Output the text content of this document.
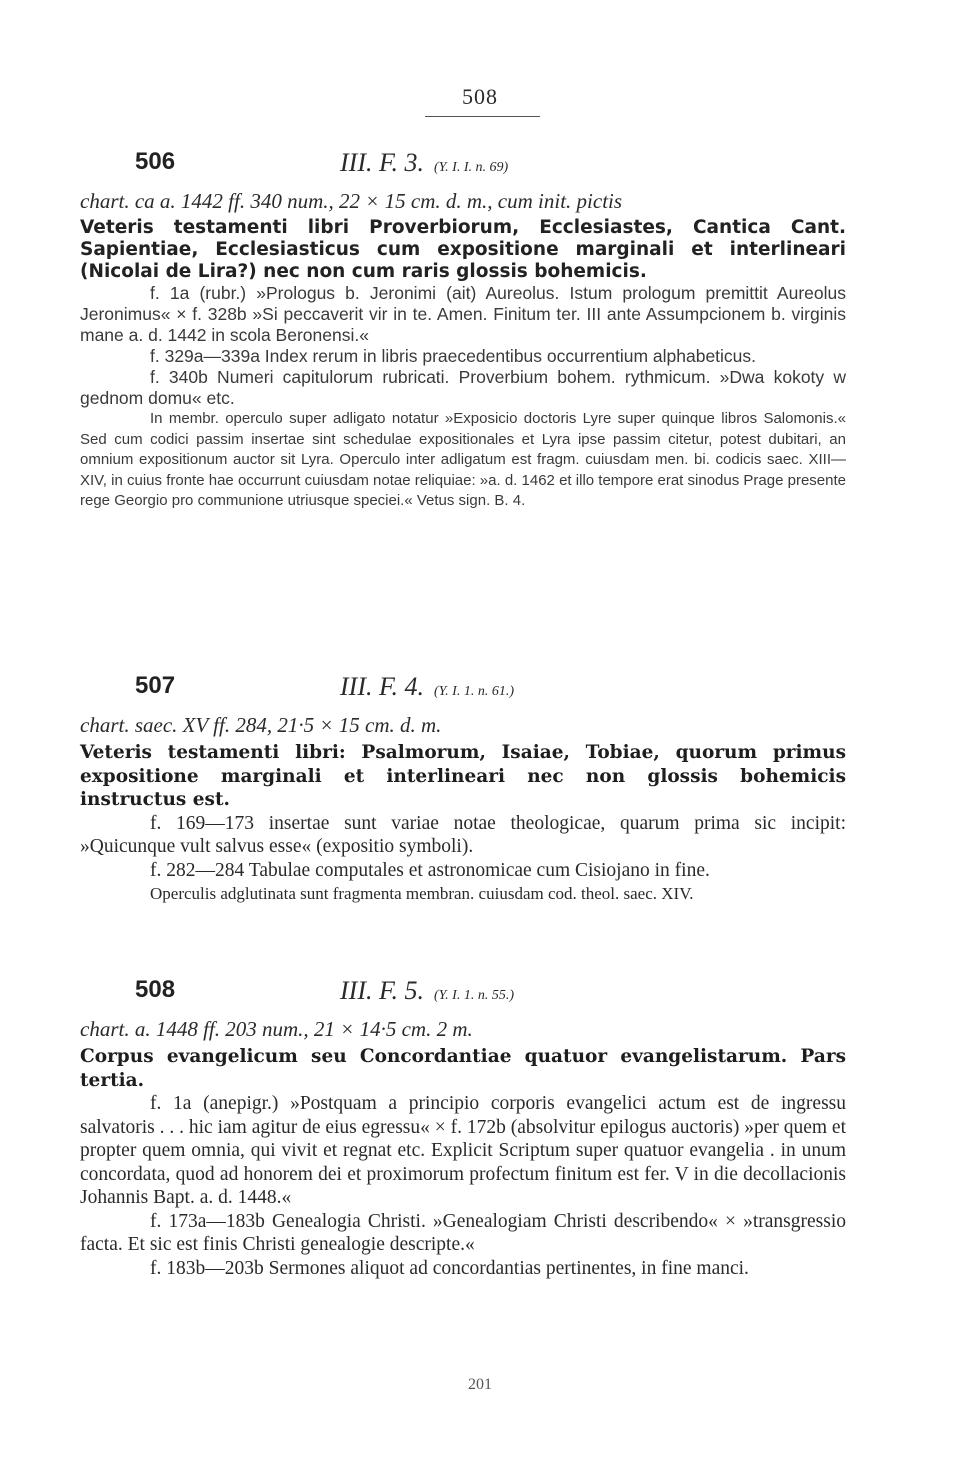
508
506	III. F. 3. (Y. I. I. n. 69)

chart. ca a. 1442 ff. 340 num., 22 × 15 cm. d. m., cum init. pictis

Veteris testamenti libri Proverbiorum, Ecclesiastes, Cantica Cant. Sapientiae, Ecclesiasticus cum expositione marginali et interlineari (Nicolai de Lira?) nec non cum raris glossis bohemicis.

f. 1a (rubr.) »Prologus b. Jeronimi (ait) Aureolus. Istum prologum premittit Aureolus Jeronimus« × f. 328b »Si peccaverit vir in te. Amen. Finitum ter. III ante Assumpcionem b. virginis mane a. d. 1442 in scola Beronensi.«

f. 329a—339a Index rerum in libris praecedentibus occurrentium alphabeticus.

f. 340b Numeri capitulorum rubricati. Proverbium bohem. rythmicum. »Dwa kokoty w gednom domu« etc.

In membr. operculo super adligato notatur »Exposicio doctoris Lyre super quinque libros Salomonis.« Sed cum codici passim insertae sint schedulae expositionales et Lyra ipse passim citetur, potest dubitari, an omnium expositionum auctor sit Lyra. Operculo inter adligatum est fragm. cuiusdam men. bi. codicis saec. XIII—XIV, in cuius fronte hae occurrunt cuiusdam notae reliquiae: »a. d. 1462 et illo tempore erat sinodus Prage presente rege Georgio pro communione utriusque speciei.« Vetus sign. B. 4.

507	III. F. 4. (Y. I. 1. n. 61.)

chart. saec. XV ff. 284, 21·5 × 15 cm. d. m.

Veteris testamenti libri: Psalmorum, Isaiae, Tobiae, quorum primus expositione marginali et interlineari nec non glossis bohemicis instructus est.

f. 169—173 insertae sunt variae notae theologicae, quarum prima sic incipit: »Quicunque vult salvus esse« (expositio symboli).

f. 282—284 Tabulae computales et astronomicae cum Cisiojano in fine.

Operculis adglutinata sunt fragmenta membran. cuiusdam cod. theol. saec. XIV.

508	III. F. 5. (Y. I. 1. n. 55.)

chart. a. 1448 ff. 203 num., 21 × 14·5 cm. 2 m.

Corpus evangelicum seu Concordantiae quatuor evangelistarum. Pars tertia.

f. 1a (anepigr.) »Postquam a principio corporis evangelici actum est de ingressu salvatoris . . . hic iam agitur de eius egressu« × f. 172b (absolvitur epilogus auctoris) »per quem et propter quem omnia, qui vivit et regnat etc. Explicit Scriptum super quatuor evangelia . in unum concordata, quod ad honorem dei et proximorum profectum finitum est fer. V in die decollacionis Johannis Bapt. a. d. 1448.«

f. 173a—183b Genealogia Christi. »Genealogiam Christi describendo« × »transgressio facta. Et sic est finis Christi genealogie descripte.«

f. 183b—203b Sermones aliquot ad concordantias pertinentes, in fine manci.

201
